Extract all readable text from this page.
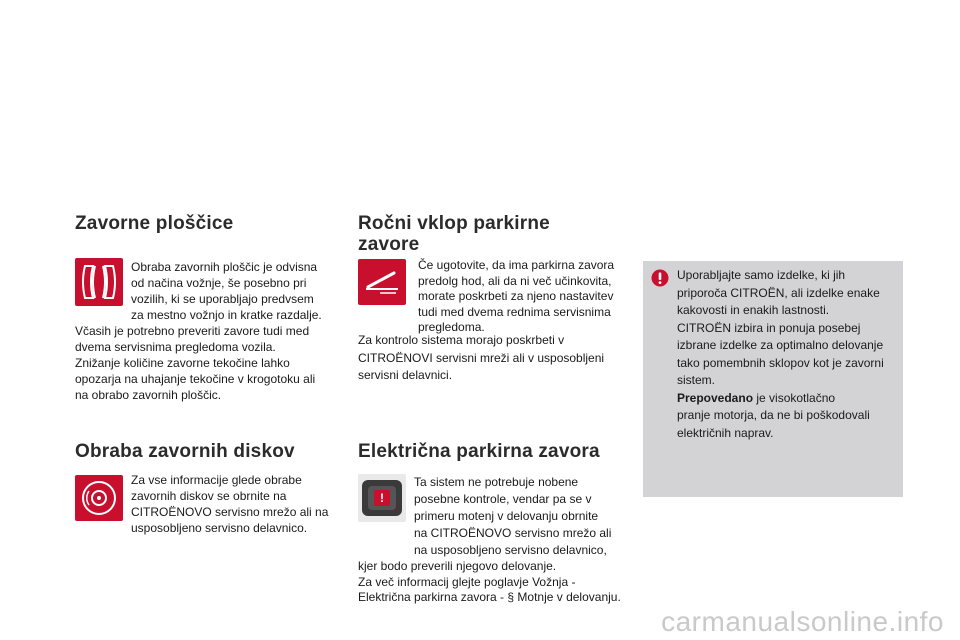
Zavorne ploščice
Obraba zavornih ploščic je odvisna
od načina vožnje, še posebno pri
vozilih, ki se uporabljajo predvsem
za mestno vožnjo in kratke razdalje.
Včasih je potrebno preveriti zavore tudi med
dvema servisnima pregledoma vozila.
Znižanje količine zavorne tekočine lahko
opozarja na uhajanje tekočine v krogotoku ali
na obrabo zavornih ploščic.
Obraba zavornih diskov
Za vse informacije glede obrabe
zavornih diskov se obrnite na
CITROËNOVO servisno mrežo ali na
usposobljeno servisno delavnico.
Ročni vklop parkirne
zavore
Če ugotovite, da ima parkirna zavora
predolg hod, ali da ni več učinkovita,
morate poskrbeti za njeno nastavitev
tudi med dvema rednima servisnima
pregledoma.
Za kontrolo sistema morajo poskrbeti v
CITROËNOVI servisni mreži ali v usposobljeni
servisni delavnici.
Električna parkirna zavora
!
Ta sistem ne potrebuje nobene
posebne kontrole, vendar pa se v
primeru motenj v delovanju obrnite
na CITROËNOVO servisno mrežo ali
na usposobljeno servisno delavnico,
kjer bodo preverili njegovo delovanje.
Za več informacij glejte poglavje Vožnja -
Električna parkirna zavora - § Motnje v delovanju.
Uporabljajte samo izdelke, ki jih
priporoča CITROËN, ali izdelke enake
kakovosti in enakih lastnosti.
CITROËN izbira in ponuja posebej
izbrane izdelke za optimalno delovanje
tako pomembnih sklopov kot je zavorni
sistem.
Prepovedano je visokotlačno
pranje motorja, da ne bi poškodovali
električnih naprav.
carmanualsonline.info
